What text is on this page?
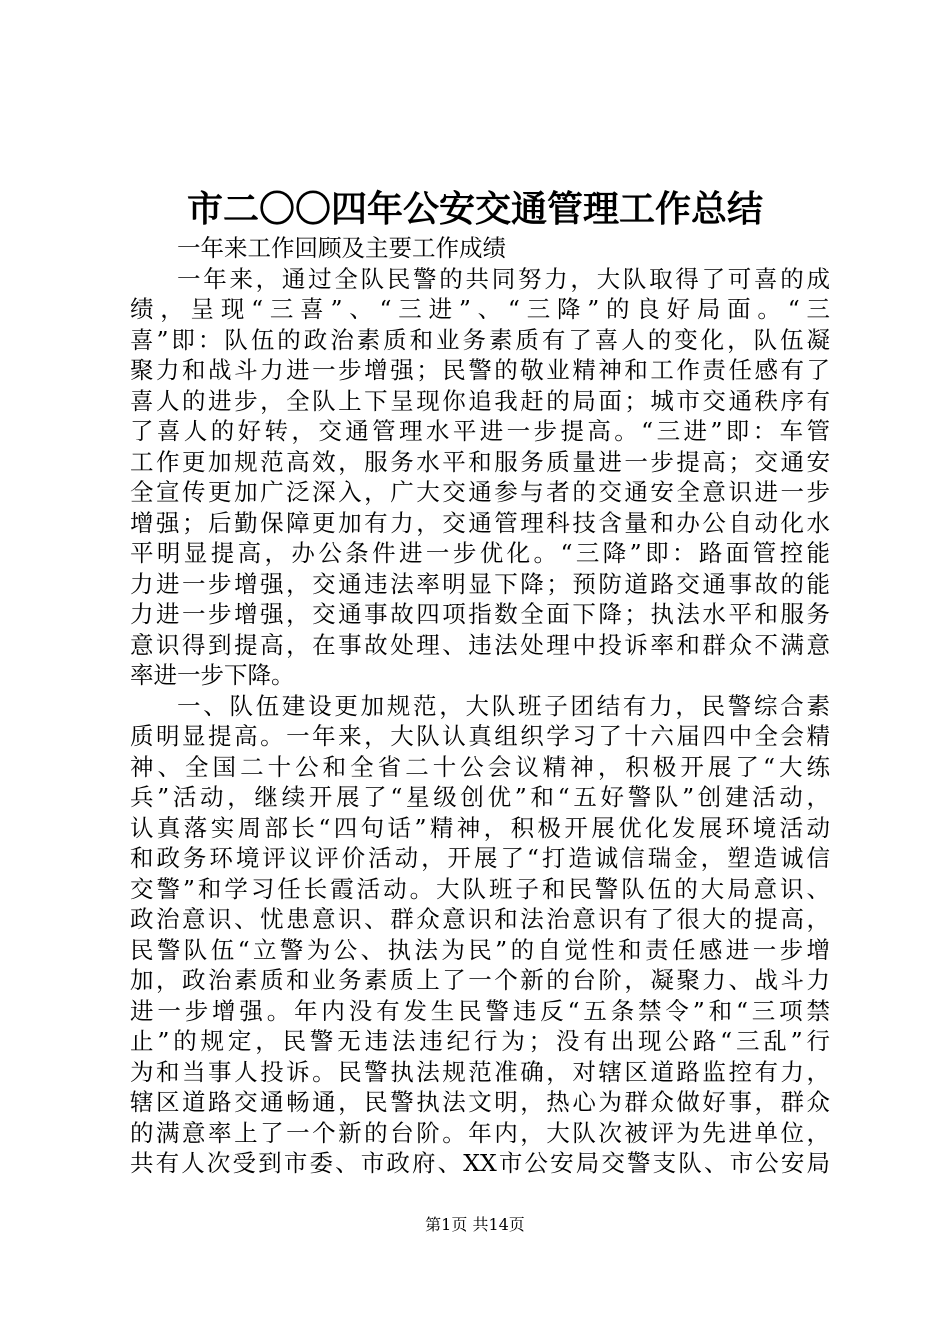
市二〇〇四年公安交通管理工作总结
一年来工作回顾及主要工作成绩
一年来，通过全队民警的共同努力，大队取得了可喜的成
绩，呈现“三喜”、“三进”、“三降”的良好局面。“三
喜”即：队伍的政治素质和业务素质有了喜人的变化，队伍凝
聚力和战斗力进一步增强；民警的敬业精神和工作责任感有了
喜人的进步，全队上下呈现你追我赶的局面；城市交通秩序有
了喜人的好转，交通管理水平进一步提高。“三进”即：车管
工作更加规范高效，服务水平和服务质量进一步提高；交通安
全宣传更加广泛深入，广大交通参与者的交通安全意识进一步
增强；后勤保障更加有力，交通管理科技含量和办公自动化水
平明显提高，办公条件进一步优化。“三降”即：路面管控能
力进一步增强，交通违法率明显下降；预防道路交通事故的能
力进一步增强，交通事故四项指数全面下降；执法水平和服务
意识得到提高，在事故处理、违法处理中投诉率和群众不满意
率进一步下降。
一、队伍建设更加规范，大队班子团结有力，民警综合素
质明显提高。一年来，大队认真组织学习了十六届四中全会精
神、全国二十公和全省二十公会议精神，积极开展了“大练
兵”活动，继续开展了“星级创优”和“五好警队”创建活动，
认真落实周部长“四句话”精神，积极开展优化发展环境活动
和政务环境评议评价活动，开展了“打造诚信瑞金，塑造诚信
交警”和学习任长霞活动。大队班子和民警队伍的大局意识、
政治意识、忧患意识、群众意识和法治意识有了很大的提高，
民警队伍“立警为公、执法为民”的自觉性和责任感进一步增
加，政治素质和业务素质上了一个新的台阶，凝聚力、战斗力
进一步增强。年内没有发生民警违反“五条禁令”和“三项禁
止”的规定，民警无违法违纪行为；没有出现公路“三乱”行
为和当事人投诉。民警执法规范准确，对辖区道路监控有力，
辖区道路交通畅通，民警执法文明，热心为群众做好事，群众
的满意率上了一个新的台阶。年内，大队次被评为先进单位，
共有人次受到市委、市政府、XX市公安局交警支队、市公安局
第1页 共14页
